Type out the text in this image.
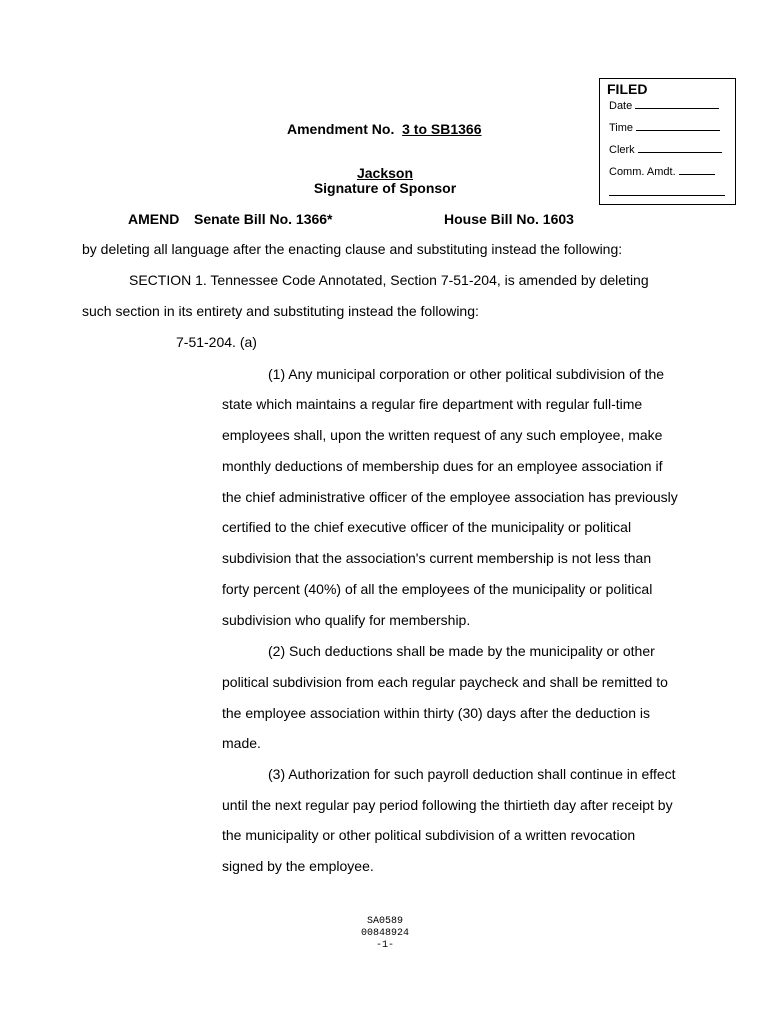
FILED
Date
Time
Clerk
Comm. Amdt.
Amendment No. 3 to SB1366
Jackson
Signature of Sponsor
AMEND Senate Bill No. 1366*	House Bill No. 1603
by deleting all language after the enacting clause and substituting instead the following:
SECTION 1. Tennessee Code Annotated, Section 7-51-204, is amended by deleting
such section in its entirety and substituting instead the following:
7-51-204. (a)
(1) Any municipal corporation or other political subdivision of the
state which maintains a regular fire department with regular full-time
employees shall, upon the written request of any such employee, make
monthly deductions of membership dues for an employee association if
the chief administrative officer of the employee association has previously
certified to the chief executive officer of the municipality or political
subdivision that the association's current membership is not less than
forty percent (40%) of all the employees of the municipality or political
subdivision who qualify for membership.
(2) Such deductions shall be made by the municipality or other
political subdivision from each regular paycheck and shall be remitted to
the employee association within thirty (30) days after the deduction is
made.
(3) Authorization for such payroll deduction shall continue in effect
until the next regular pay period following the thirtieth day after receipt by
the municipality or other political subdivision of a written revocation
signed by the employee.
SA0589
00848924
-1-
